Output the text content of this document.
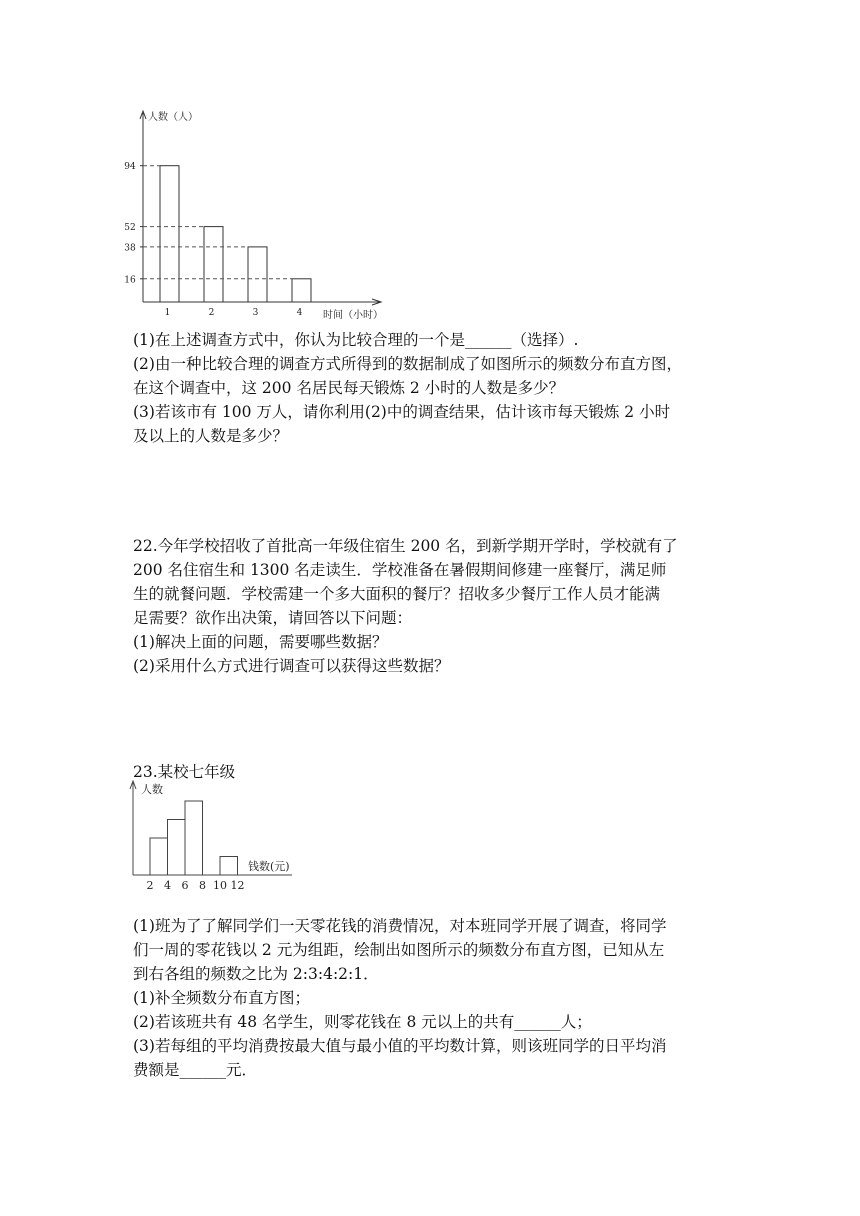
人数（人）
时间（小时）
94
1
52
2
38
3
16
4
(1)在上述调查方式中，你认为比较合理的一个是______（选择）.
(2)由一种比较合理的调查方式所得到的数据制成了如图所示的频数分布直方图，
在这个调查中，这 200 名居民每天锻炼 2 小时的人数是多少？
(3)若该市有 100 万人，请你利用(2)中的调查结果，估计该市每天锻炼 2 小时
及以上的人数是多少？
22.今年学校招收了首批高一年级住宿生 200 名，到新学期开学时，学校就有了
200 名住宿生和 1300 名走读生．学校准备在暑假期间修建一座餐厅，满足师
生的就餐问题．学校需建一个多大面积的餐厅？招收多少餐厅工作人员才能满
足需要？欲作出决策，请回答以下问题：
(1)解决上面的问题，需要哪些数据？
(2)采用什么方式进行调查可以获得这些数据？
23.某校七年级
人数
钱数(元)
2 4 6 8 10 12
(1)班为了了解同学们一天零花钱的消费情况，对本班同学开展了调查，将同学
们一周的零花钱以 2 元为组距，绘制出如图所示的频数分布直方图，已知从左
到右各组的频数之比为 2:3:4:2:1．
(1)补全频数分布直方图；
(2)若该班共有 48 名学生，则零花钱在 8 元以上的共有______人；
(3)若每组的平均消费按最大值与最小值的平均数计算，则该班同学的日平均消
费额是______元．
